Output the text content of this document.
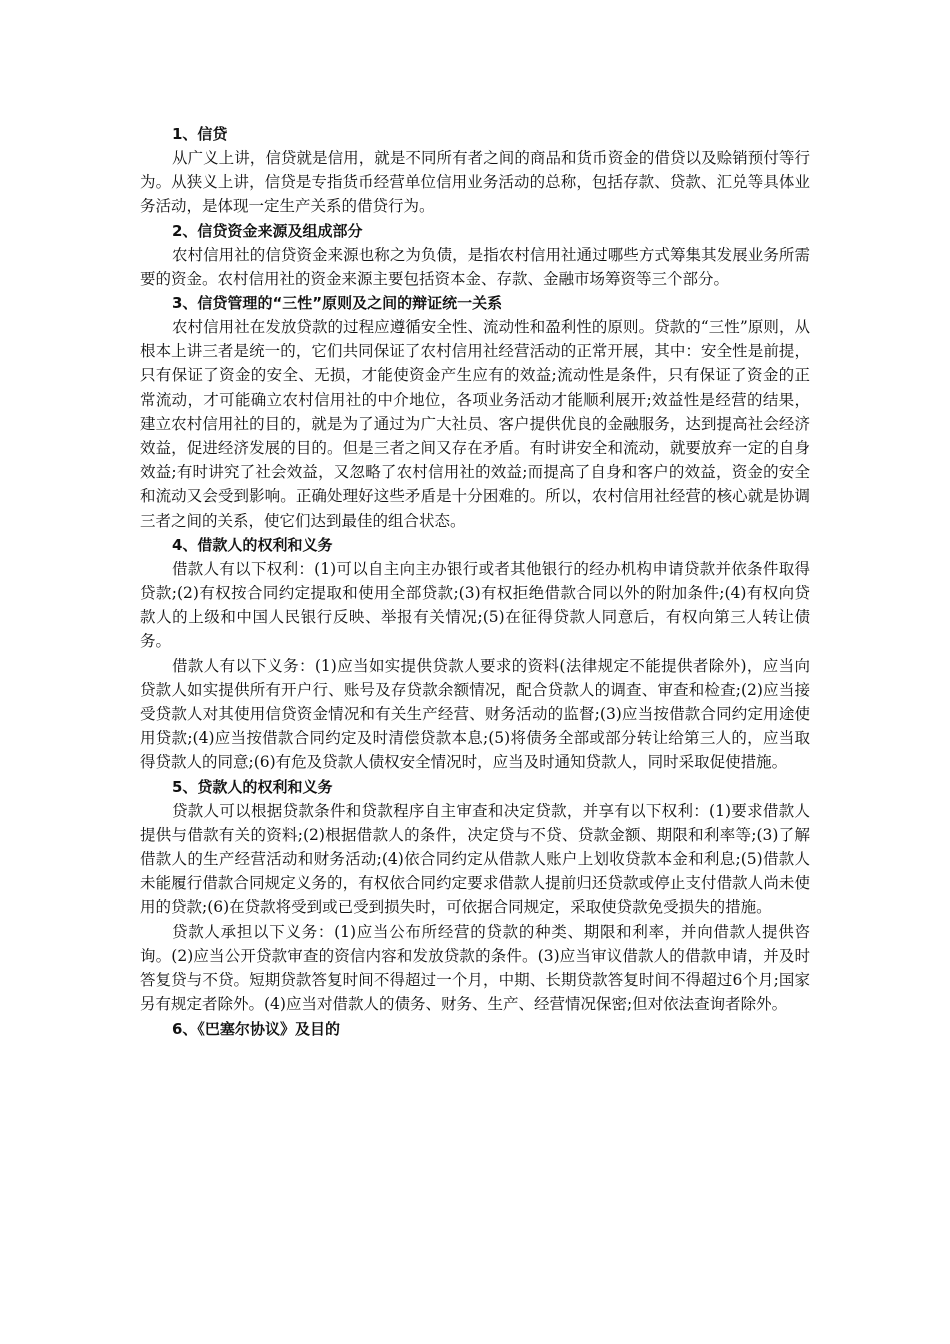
1、信贷

从广义上讲，信贷就是信用，就是不同所有者之间的商品和货币资金的借贷以及赊销预付等行为。从狭义上讲，信贷是专指货币经营单位信用业务活动的总称，包括存款、贷款、汇兑等具体业务活动，是体现一定生产关系的借贷行为。

2、信贷资金来源及组成部分

农村信用社的信贷资金来源也称之为负债，是指农村信用社通过哪些方式筹集其发展业务所需要的资金。农村信用社的资金来源主要包括资本金、存款、金融市场筹资等三个部分。

3、信贷管理的“三性”原则及之间的辩证统一关系

农村信用社在发放贷款的过程应遵循安全性、流动性和盈利性的原则。贷款的“三性”原则，从根本上讲三者是统一的，它们共同保证了农村信用社经营活动的正常开展，其中：安全性是前提，只有保证了资金的安全、无损，才能使资金产生应有的效益;流动性是条件，只有保证了资金的正常流动，才可能确立农村信用社的中介地位，各项业务活动才能顺利展开;效益性是经营的结果，建立农村信用社的目的，就是为了通过为广大社员、客户提供优良的金融服务，达到提高社会经济效益，促进经济发展的目的。但是三者之间又存在矛盾。有时讲安全和流动，就要放弃一定的自身效益;有时讲究了社会效益，又忽略了农村信用社的效益;而提高了自身和客户的效益，资金的安全和流动又会受到影响。正确处理好这些矛盾是十分困难的。所以，农村信用社经营的核心就是协调三者之间的关系，使它们达到最佳的组合状态。

4、借款人的权利和义务

借款人有以下权利：(1)可以自主向主办银行或者其他银行的经办机构申请贷款并依条件取得贷款;(2)有权按合同约定提取和使用全部贷款;(3)有权拒绝借款合同以外的附加条件;(4)有权向贷款人的上级和中国人民银行反映、举报有关情况;(5)在征得贷款人同意后，有权向第三人转让债务。

借款人有以下义务：(1)应当如实提供贷款人要求的资料(法律规定不能提供者除外)，应当向贷款人如实提供所有开户行、账号及存贷款余额情况，配合贷款人的调查、审查和检查;(2)应当接受贷款人对其使用信贷资金情况和有关生产经营、财务活动的监督;(3)应当按借款合同约定用途使用贷款;(4)应当按借款合同约定及时清偿贷款本息;(5)将债务全部或部分转让给第三人的，应当取得贷款人的同意;(6)有危及贷款人债权安全情况时，应当及时通知贷款人，同时采取促使措施。

5、贷款人的权利和义务

贷款人可以根据贷款条件和贷款程序自主审查和决定贷款，并享有以下权利：(1)要求借款人提供与借款有关的资料;(2)根据借款人的条件，决定贷与不贷、贷款金额、期限和利率等;(3)了解借款人的生产经营活动和财务活动;(4)依合同约定从借款人账户上划收贷款本金和利息;(5)借款人未能履行借款合同规定义务的，有权依合同约定要求借款人提前归还贷款或停止支付借款人尚未使用的贷款;(6)在贷款将受到或已受到损失时，可依据合同规定，采取使贷款免受损失的措施。

贷款人承担以下义务：(1)应当公布所经营的贷款的种类、期限和利率，并向借款人提供咨询。(2)应当公开贷款审查的资信内容和发放贷款的条件。(3)应当审议借款人的借款申请，并及时答复贷与不贷。短期贷款答复时间不得超过一个月，中期、长期贷款答复时间不得超过6个月;国家另有规定者除外。(4)应当对借款人的债务、财务、生产、经营情况保密;但对依法查询者除外。

6、《巴塞尔协议》及目的
